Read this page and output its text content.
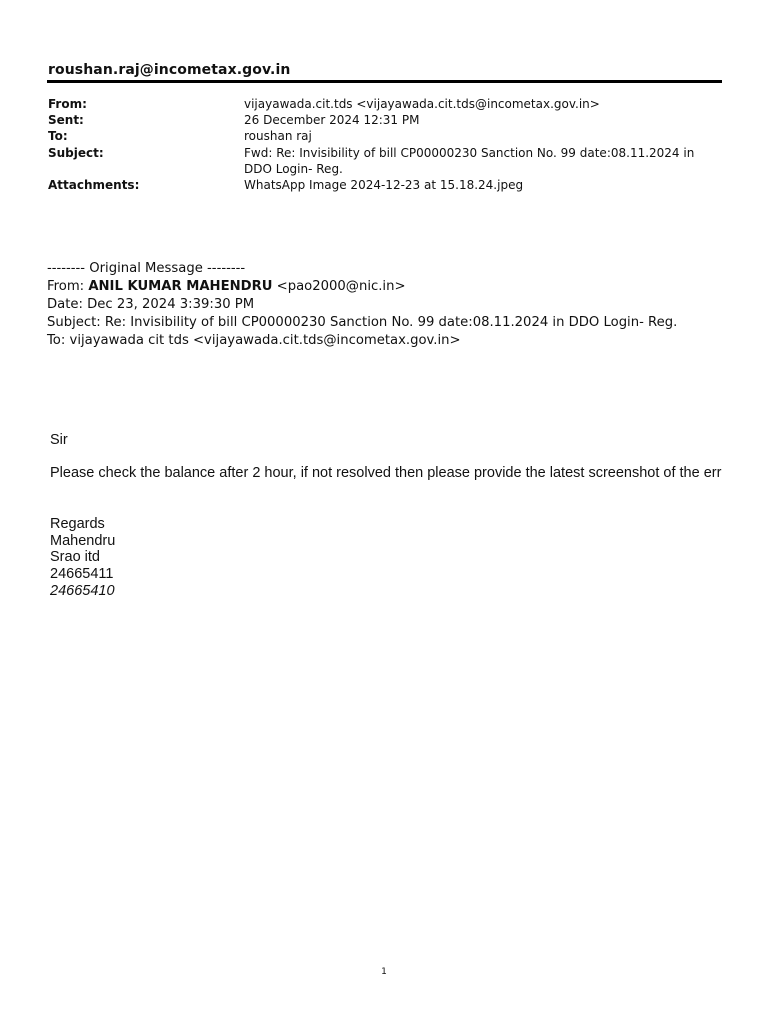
roushan.raj@incometax.gov.in
From:	vijayawada.cit.tds <vijayawada.cit.tds@incometax.gov.in>
Sent:	26 December 2024 12:31 PM
To:	roushan raj
Subject:	Fwd: Re: Invisibility of bill CP00000230 Sanction No. 99 date:08.11.2024 in DDO Login- Reg.
Attachments:	WhatsApp Image 2024-12-23 at 15.18.24.jpeg
-------- Original Message --------
From: ANIL KUMAR MAHENDRU <pao2000@nic.in>
Date: Dec 23, 2024 3:39:30 PM
Subject: Re: Invisibility of bill CP00000230 Sanction No. 99 date:08.11.2024 in DDO Login- Reg.
To: vijayawada cit tds <vijayawada.cit.tds@incometax.gov.in>

Sir

Please check the balance after 2 hour, if not resolved then please provide the latest screenshot of the err

Regards

Mahendru

Srao itd

24665411

24665410

1
